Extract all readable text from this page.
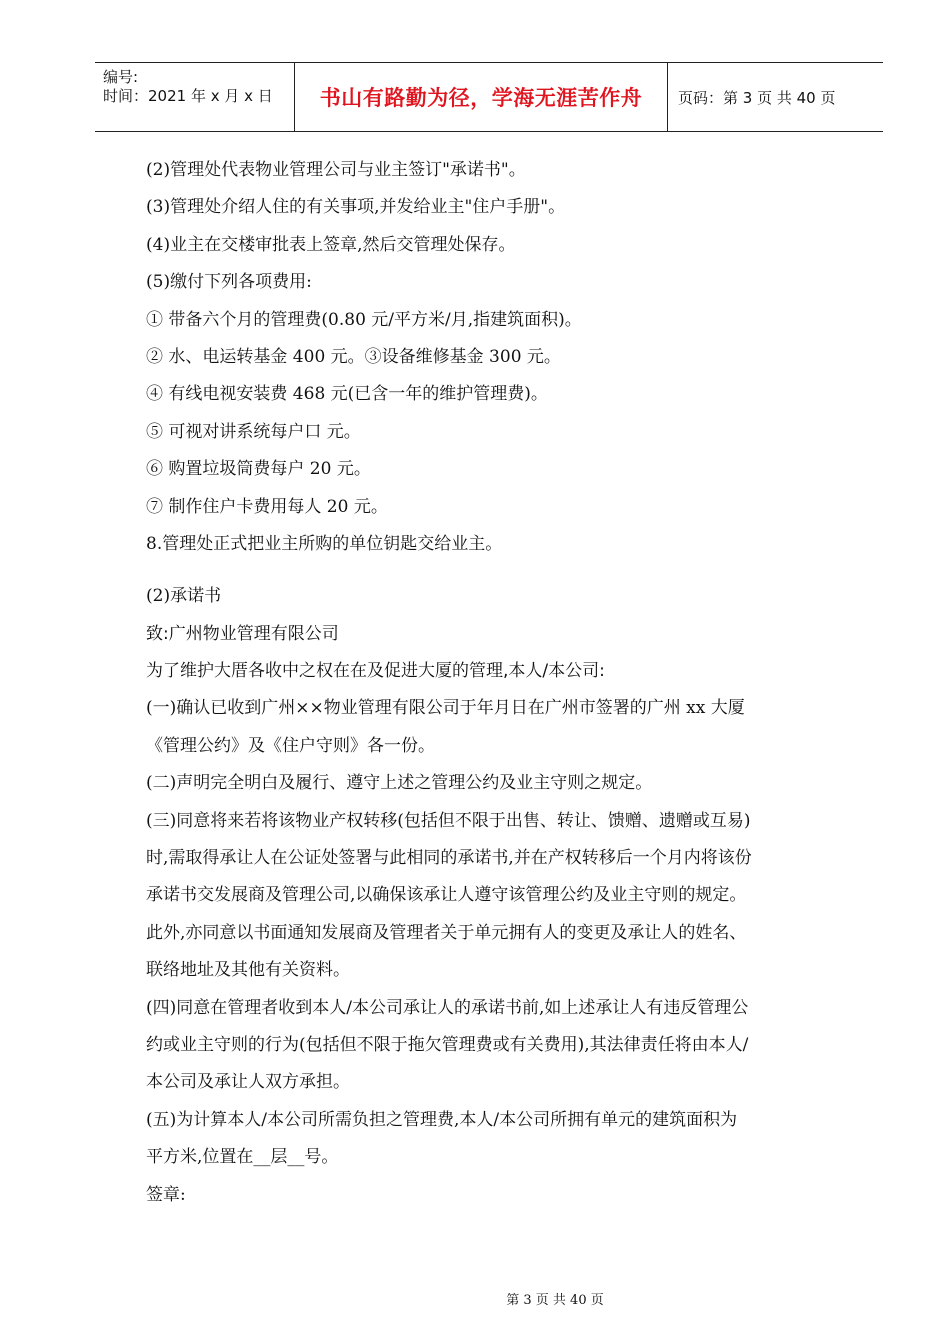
编号:
时间：2021 年 x 月 x 日 书山有路勤为径，学海无涯苦作舟 页码：第 3 页 共 40 页
(2)管理处代表物业管理公司与业主签订"承诺书"。
(3)管理处介绍人住的有关事项,并发给业主"住户手册"。
(4)业主在交楼审批表上签章,然后交管理处保存。
(5)缴付下列各项费用:
① 带备六个月的管理费(0.80 元/平方米/月,指建筑面积)。
② 水、电运转基金 400 元。③设备维修基金 300 元。
④ 有线电视安装费 468 元(已含一年的维护管理费)。
⑤ 可视对讲系统每户口 元。
⑥ 购置垃圾筒费每户 20 元。
⑦ 制作住户卡费用每人 20 元。
8.管理处正式把业主所购的单位钥匙交给业主。
(2)承诺书
致:广州物业管理有限公司
为了维护大厝各收中之权在在及促进大厦的管理,本人/本公司:
(一)确认已收到广州××物业管理有限公司于年月日在广州市签署的广州 xx 大厦
《管理公约》及《住户守则》各一份。
(二)声明完全明白及履行、遵守上述之管理公约及业主守则之规定。
(三)同意将来若将该物业产权转移(包括但不限于出售、转让、馈赠、遗赠或互易)
时,需取得承让人在公证处签署与此相同的承诺书,并在产权转移后一个月内将该份
承诺书交发展商及管理公司,以确保该承让人遵守该管理公约及业主守则的规定。
此外,亦同意以书面通知发展商及管理者关于单元拥有人的变更及承让人的姓名、
联络地址及其他有关资料。
(四)同意在管理者收到本人/本公司承让人的承诺书前,如上述承让人有违反管理公
约或业主守则的行为(包括但不限于拖欠管理费或有关费用),其法律责任将由本人/
本公司及承让人双方承担。
(五)为计算本人/本公司所需负担之管理费,本人/本公司所拥有单元的建筑面积为
平方米,位置在__层__号。
签章:
第 3 页 共 40 页
